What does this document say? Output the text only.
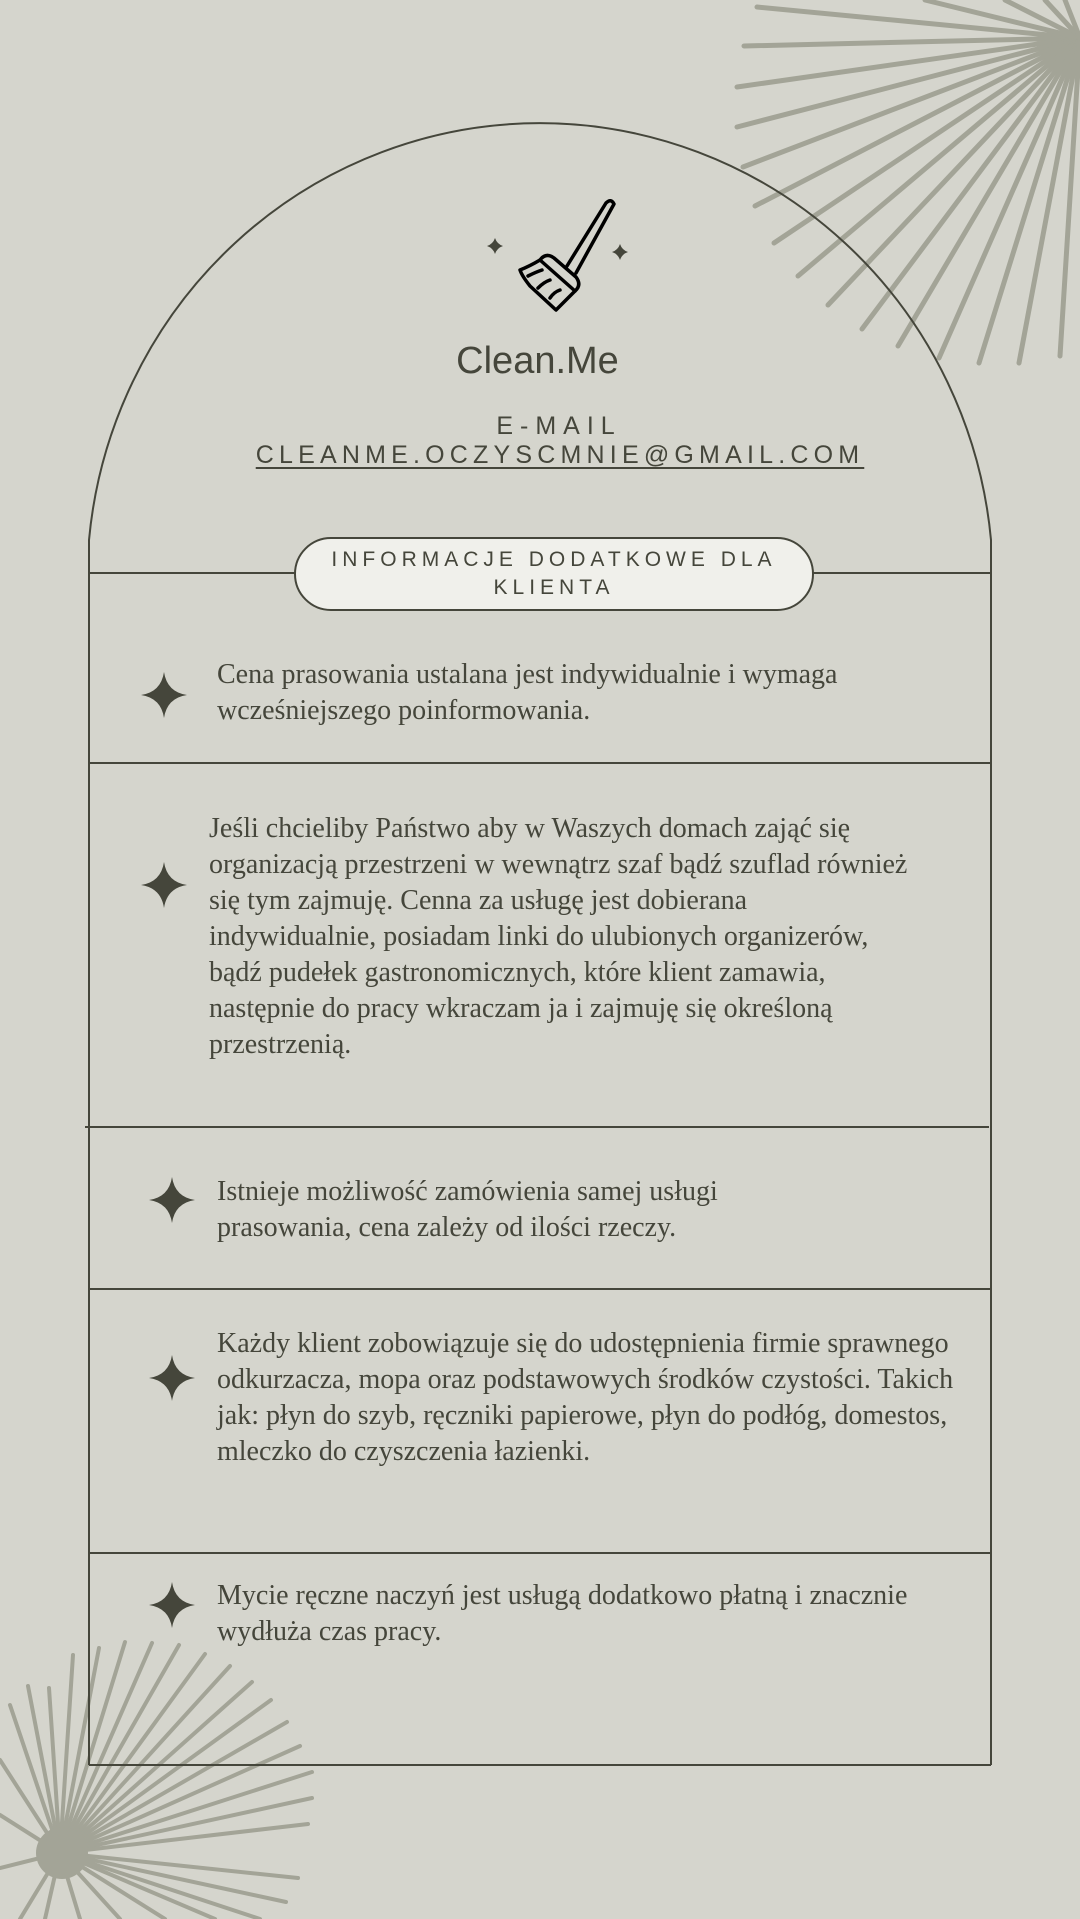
Clean.Me
E-MAIL
CLEANME.OCZYSCMNIE@GMAIL.COM
INFORMACJE DODATKOWE DLA KLIENTA
Cena prasowania ustalana jest indywidualnie i wymaga wcześniejszego poinformowania.
Jeśli chcieliby Państwo aby w Waszych domach zająć się organizacją przestrzeni w wewnątrz szaf bądź szuflad również się tym zajmuję. Cenna za usługę jest dobierana indywidualnie, posiadam linki do ulubionych organizerów, bądź pudełek gastronomicznych, które klient zamawia, następnie do pracy wkraczam ja i zajmuję się określoną przestrzenią.
Istnieje możliwość zamówienia samej usługi prasowania, cena zależy od ilości rzeczy.
Każdy klient zobowiązuje się do udostępnienia firmie sprawnego odkurzacza, mopa oraz podstawowych środków czystości. Takich jak: płyn do szyb, ręczniki papierowe, płyn do podłóg, domestos, mleczko do czyszczenia łazienki.
Mycie ręczne naczyń jest usługą dodatkowo płatną i znacznie wydłuża czas pracy.
